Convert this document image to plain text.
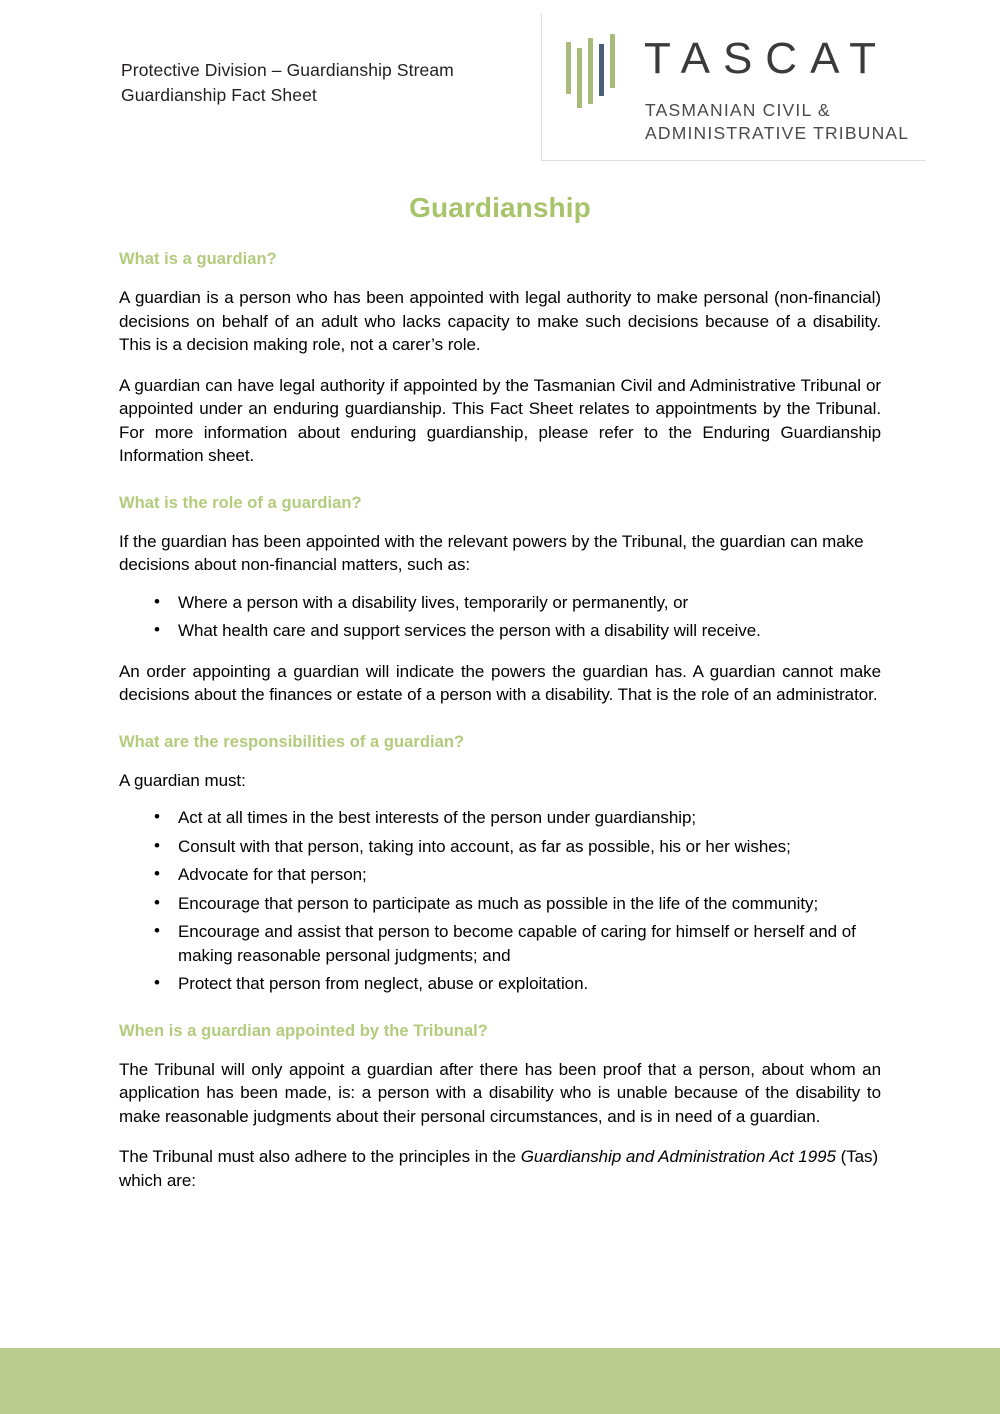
Protective Division – Guardianship Stream
Guardianship Fact Sheet
TASCAT
TASMANIAN CIVIL &
ADMINISTRATIVE TRIBUNAL
Guardianship
What is a guardian?

A guardian is a person who has been appointed with legal authority to make personal (non-financial) decisions on behalf of an adult who lacks capacity to make such decisions because of a disability. This is a decision making role, not a carer’s role.

A guardian can have legal authority if appointed by the Tasmanian Civil and Administrative Tribunal or appointed under an enduring guardianship. This Fact Sheet relates to appointments by the Tribunal. For more information about enduring guardianship, please refer to the Enduring Guardianship Information sheet.

What is the role of a guardian?

If the guardian has been appointed with the relevant powers by the Tribunal, the guardian can make decisions about non-financial matters, such as:

• Where a person with a disability lives, temporarily or permanently, or
• What health care and support services the person with a disability will receive.

An order appointing a guardian will indicate the powers the guardian has. A guardian cannot make decisions about the finances or estate of a person with a disability. That is the role of an administrator.

What are the responsibilities of a guardian?

A guardian must:

• Act at all times in the best interests of the person under guardianship;
• Consult with that person, taking into account, as far as possible, his or her wishes;
• Advocate for that person;
• Encourage that person to participate as much as possible in the life of the community;
• Encourage and assist that person to become capable of caring for himself or herself and of making reasonable personal judgments; and
• Protect that person from neglect, abuse or exploitation.
When is a guardian appointed by the Tribunal?

The Tribunal will only appoint a guardian after there has been proof that a person, about whom an application has been made, is: a person with a disability who is unable because of the disability to make reasonable judgments about their personal circumstances, and is in need of a guardian.

The Tribunal must also adhere to the principles in the Guardianship and Administration Act 1995 (Tas) which are:
